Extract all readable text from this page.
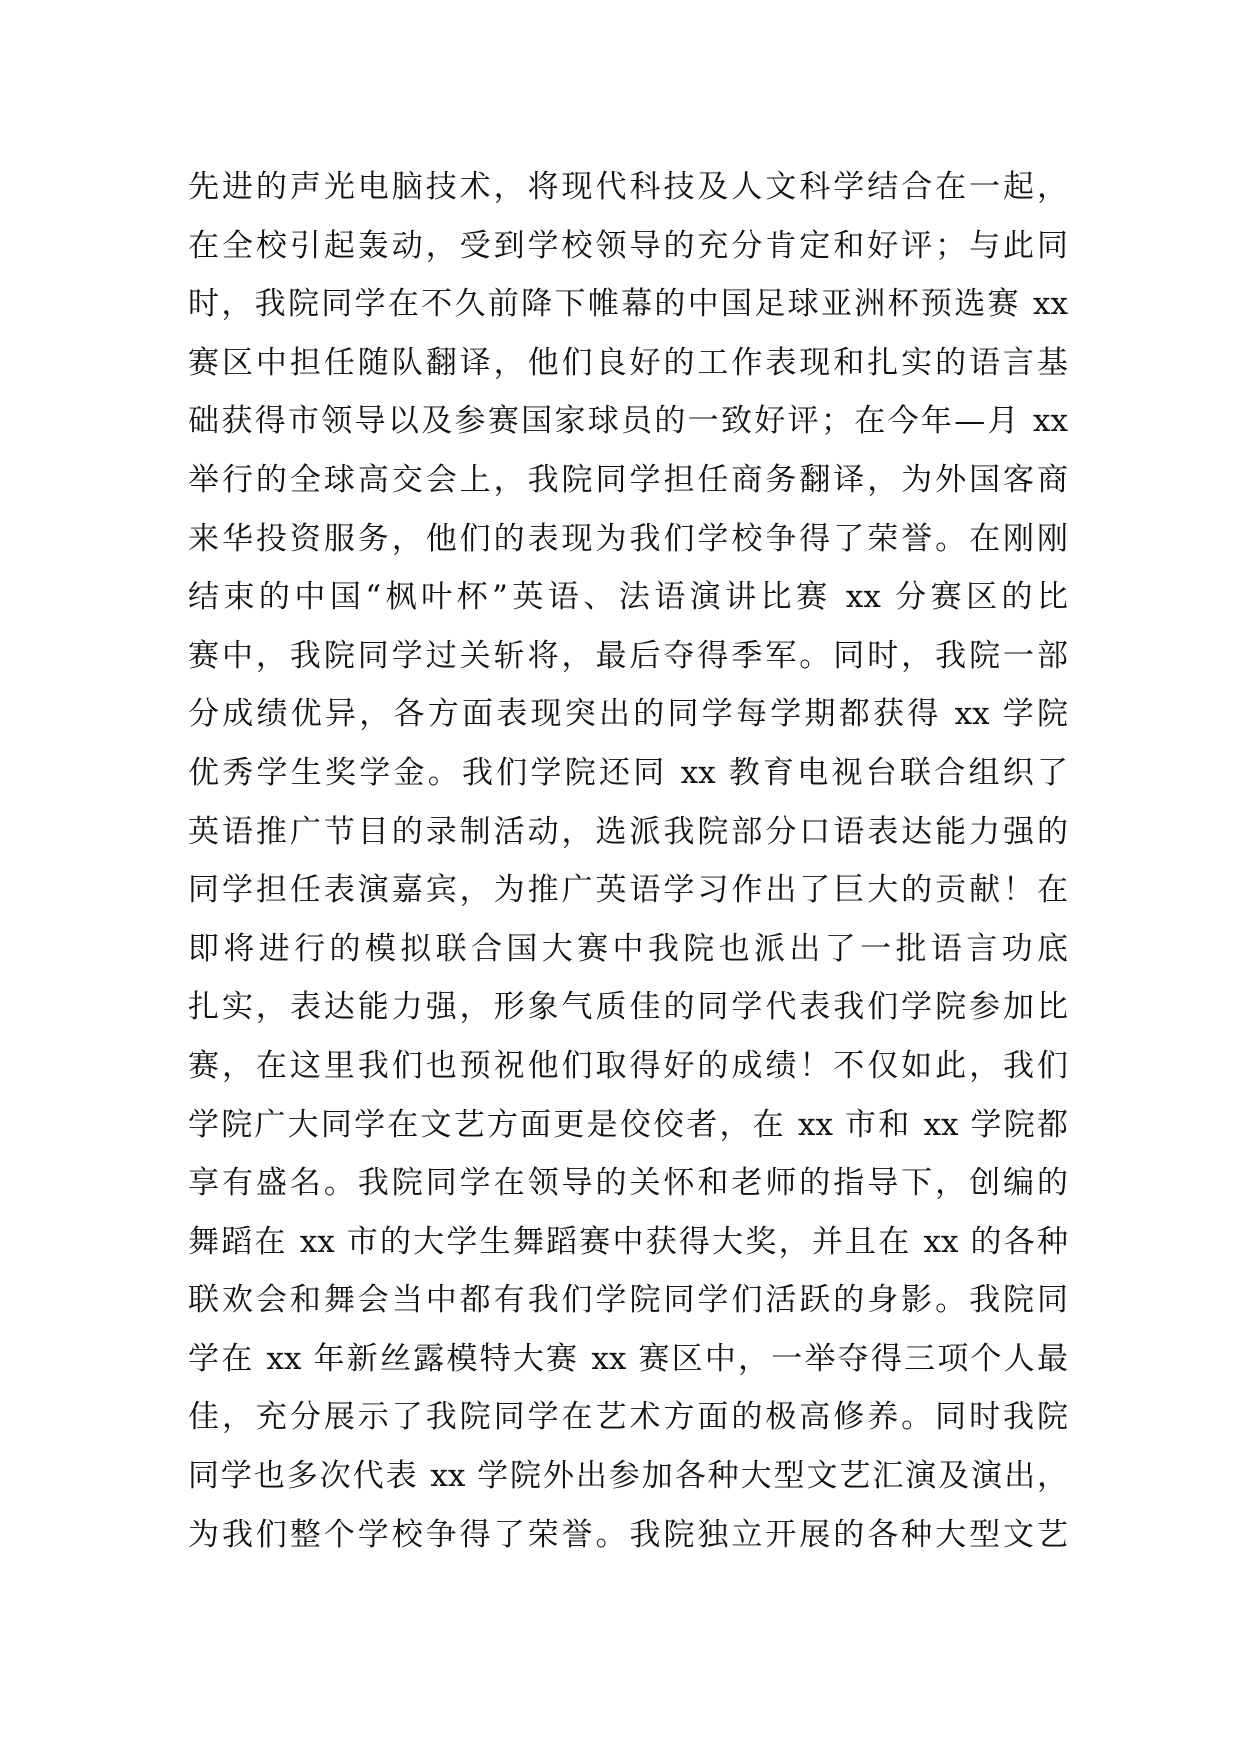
先进的声光电脑技术，将现代科技及人文科学结合在一起，
在全校引起轰动，受到学校领导的充分肯定和好评；与此同
时，我院同学在不久前降下帷幕的中国足球亚洲杯预选赛 xx
赛区中担任随队翻译，他们良好的工作表现和扎实的语言基
础获得市领导以及参赛国家球员的一致好评；在今年—月 xx
举行的全球高交会上，我院同学担任商务翻译，为外国客商
来华投资服务，他们的表现为我们学校争得了荣誉。在刚刚
结束的中国“枫叶杯”英语、法语演讲比赛 xx 分赛区的比
赛中，我院同学过关斩将，最后夺得季军。同时，我院一部
分成绩优异，各方面表现突出的同学每学期都获得 xx 学院
优秀学生奖学金。我们学院还同 xx 教育电视台联合组织了
英语推广节目的录制活动，选派我院部分口语表达能力强的
同学担任表演嘉宾，为推广英语学习作出了巨大的贡献！在
即将进行的模拟联合国大赛中我院也派出了一批语言功底
扎实，表达能力强，形象气质佳的同学代表我们学院参加比
赛，在这里我们也预祝他们取得好的成绩！不仅如此，我们
学院广大同学在文艺方面更是佼佼者，在 xx 市和 xx 学院都
享有盛名。我院同学在领导的关怀和老师的指导下，创编的
舞蹈在 xx 市的大学生舞蹈赛中获得大奖，并且在 xx 的各种
联欢会和舞会当中都有我们学院同学们活跃的身影。我院同
学在 xx 年新丝露模特大赛 xx 赛区中，一举夺得三项个人最
佳，充分展示了我院同学在艺术方面的极高修养。同时我院
同学也多次代表 xx 学院外出参加各种大型文艺汇演及演出，
为我们整个学校争得了荣誉。我院独立开展的各种大型文艺
